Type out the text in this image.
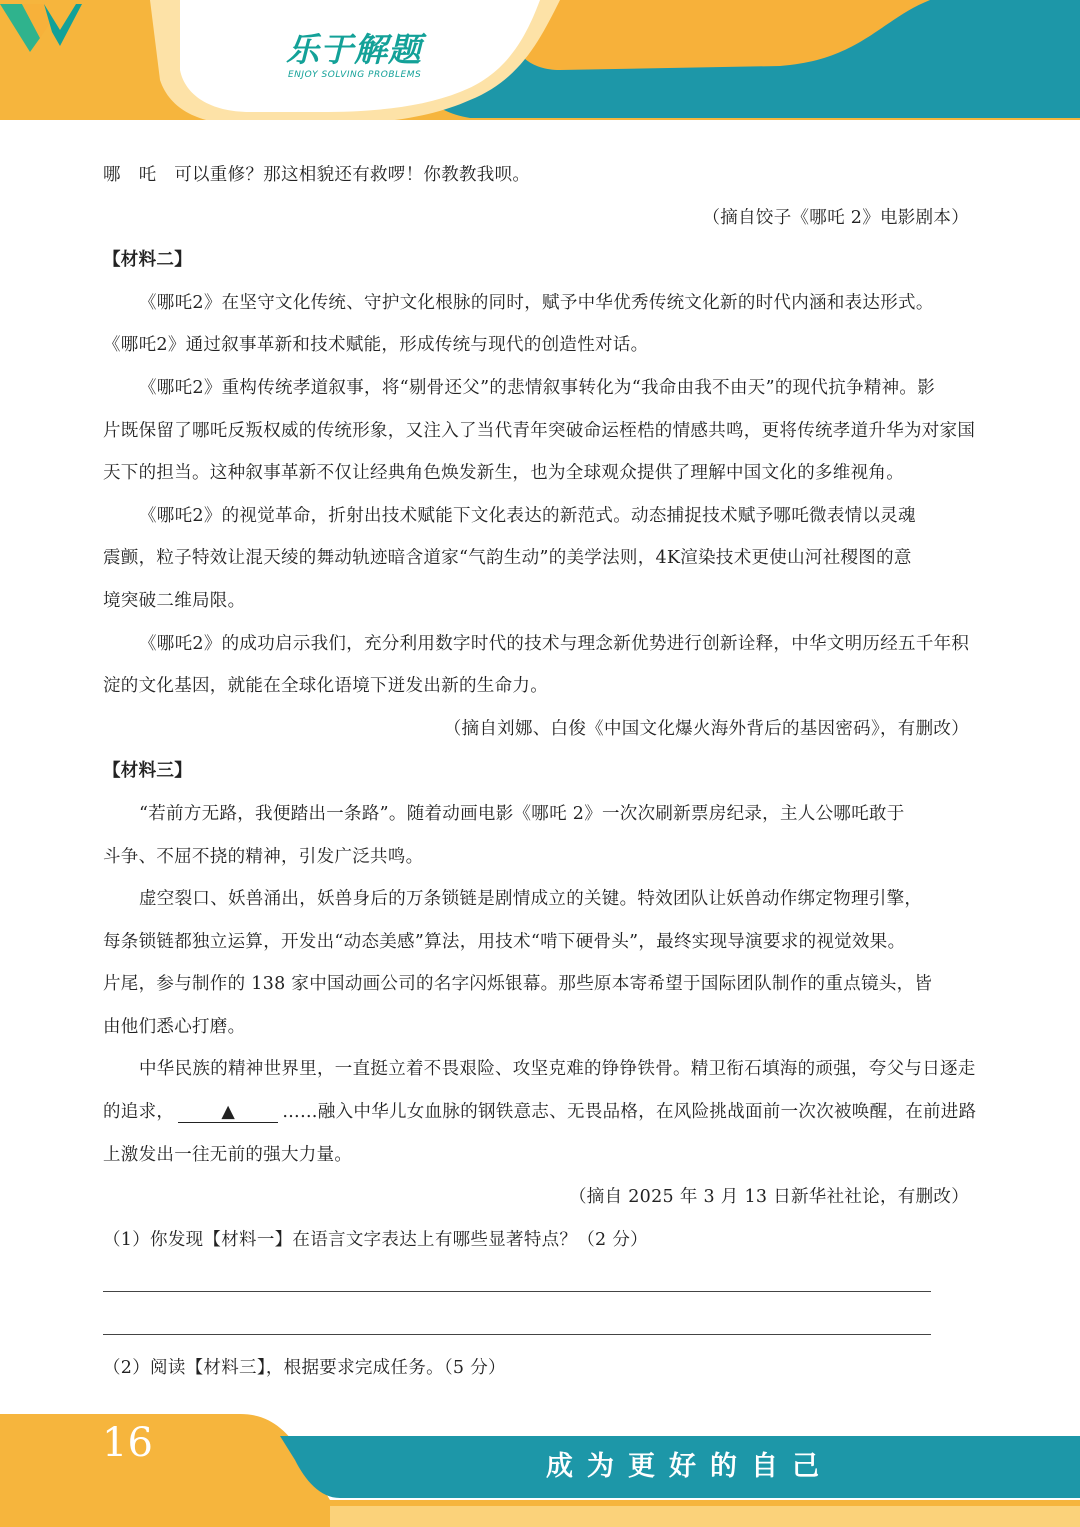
乐于解题
ENJOY SOLVING PROBLEMS
哪　吒　可以重修？那这相貌还有救啰！你教教我呗。
（摘自饺子《哪吒 2》电影剧本）
【材料二】
《哪吒2》在坚守文化传统、守护文化根脉的同时，赋予中华优秀传统文化新的时代内涵和表达形式。
《哪吒2》通过叙事革新和技术赋能，形成传统与现代的创造性对话。
《哪吒2》重构传统孝道叙事，将“剔骨还父”的悲情叙事转化为“我命由我不由天”的现代抗争精神。影
片既保留了哪吒反叛权威的传统形象，又注入了当代青年突破命运桎梏的情感共鸣，更将传统孝道升华为对家国
天下的担当。这种叙事革新不仅让经典角色焕发新生，也为全球观众提供了理解中国文化的多维视角。
《哪吒2》的视觉革命，折射出技术赋能下文化表达的新范式。动态捕捉技术赋予哪吒微表情以灵魂
震颤，粒子特效让混天绫的舞动轨迹暗含道家“气韵生动”的美学法则，4K渲染技术更使山河社稷图的意
境突破二维局限。
《哪吒2》的成功启示我们，充分利用数字时代的技术与理念新优势进行创新诠释，中华文明历经五千年积
淀的文化基因，就能在全球化语境下迸发出新的生命力。
（摘自刘娜、白俊《中国文化爆火海外背后的基因密码》，有删改）
【材料三】
“若前方无路，我便踏出一条路”。随着动画电影《哪吒 2》一次次刷新票房纪录，主人公哪吒敢于
斗争、不屈不挠的精神，引发广泛共鸣。
虚空裂口、妖兽涌出，妖兽身后的万条锁链是剧情成立的关键。特效团队让妖兽动作绑定物理引擎，
每条锁链都独立运算，开发出“动态美感”算法，用技术“啃下硬骨头”，最终实现导演要求的视觉效果。
片尾，参与制作的 138 家中国动画公司的名字闪烁银幕。那些原本寄希望于国际团队制作的重点镜头，皆
由他们悉心打磨。
中华民族的精神世界里，一直挺立着不畏艰险、攻坚克难的铮铮铁骨。精卫衔石填海的顽强，夸父与日逐走
的追求，	▲	……融入中华儿女血脉的钢铁意志、无畏品格，在风险挑战面前一次次被唤醒，在前进路
上激发出一往无前的强大力量。
（摘自 2025 年 3 月 13 日新华社社论，有删改）
（1）你发现【材料一】在语言文字表达上有哪些显著特点？（2 分）
（2）阅读【材料三】，根据要求完成任务。（5 分）
16
成为更好的自己
